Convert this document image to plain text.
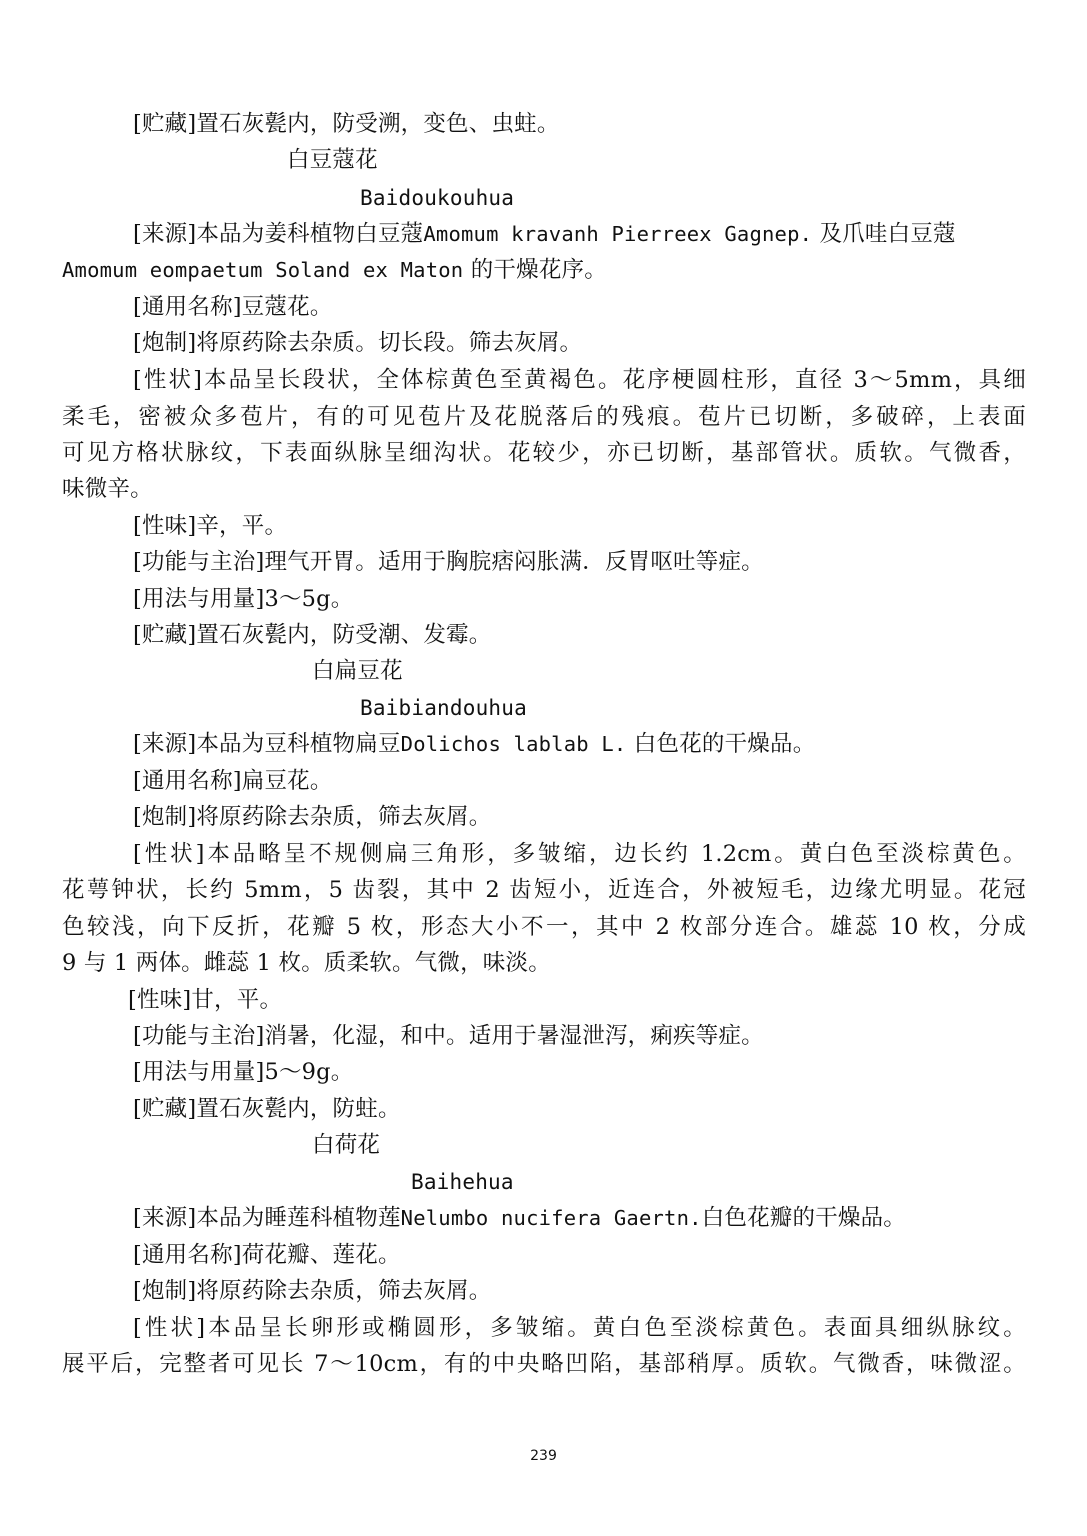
[贮藏]置石灰甏内，防受溯，变色、虫蛀。
白豆蔻花
Baidoukouhua
[来源]本品为姜科植物白豆蔻Amomum kravanh Pierreex Gagnep. 及爪哇白豆蔻
Amomum eompaetum Soland ex Maton 的干燥花序。
[通用名称]豆蔻花。
[炮制]将原药除去杂质。切长段。筛去灰屑。
[性状]本品呈长段状，全体棕黄色至黄褐色。花序梗圆柱形，直径 3～5mm，具细
柔毛，密被众多苞片，有的可见苞片及花脱落后的残痕。苞片已切断，多破碎，上表面
可见方格状脉纹，下表面纵脉呈细沟状。花较少，亦已切断，基部管状。质软。气微香，
味微辛。
[性味]辛，平。
[功能与主治]理气开胃。适用于胸脘痞闷胀满．反胃呕吐等症。
[用法与用量]3～5g。
[贮藏]置石灰甏内，防受潮、发霉。
白扁豆花
Baibiandouhua
[来源]本品为豆科植物扁豆Dolichos lablab L. 白色花的干燥品。
[通用名称]扁豆花。
[炮制]将原药除去杂质，筛去灰屑。
[性状]本品略呈不规侧扁三角形，多皱缩，边长约 1.2cm。黄白色至淡棕黄色。
花萼钟状，长约 5mm，5 齿裂，其中 2 齿短小，近连合，外被短毛，边缘尤明显。花冠
色较浅，向下反折，花瓣 5 枚，形态大小不一，其中 2 枚部分连合。雄蕊 10 枚，分成
9 与 1 两体。雌蕊 1 枚。质柔软。气微，味淡。
[性味]甘，平。
[功能与主治]消暑，化湿，和中。适用于暑湿泄泻，痢疾等症。
[用法与用量]5～9g。
[贮藏]置石灰甏内，防蛀。
白荷花
Baihehua
[来源]本品为睡莲科植物莲Nelumbo nucifera Gaertn.白色花瓣的干燥品。
[通用名称]荷花瓣、莲花。
[炮制]将原药除去杂质，筛去灰屑。
[性状]本品呈长卵形或椭圆形，多皱缩。黄白色至淡棕黄色。表面具细纵脉纹。
展平后，完整者可见长 7～10cm，有的中央略凹陷，基部稍厚。质软。气微香，味微涩。
239
